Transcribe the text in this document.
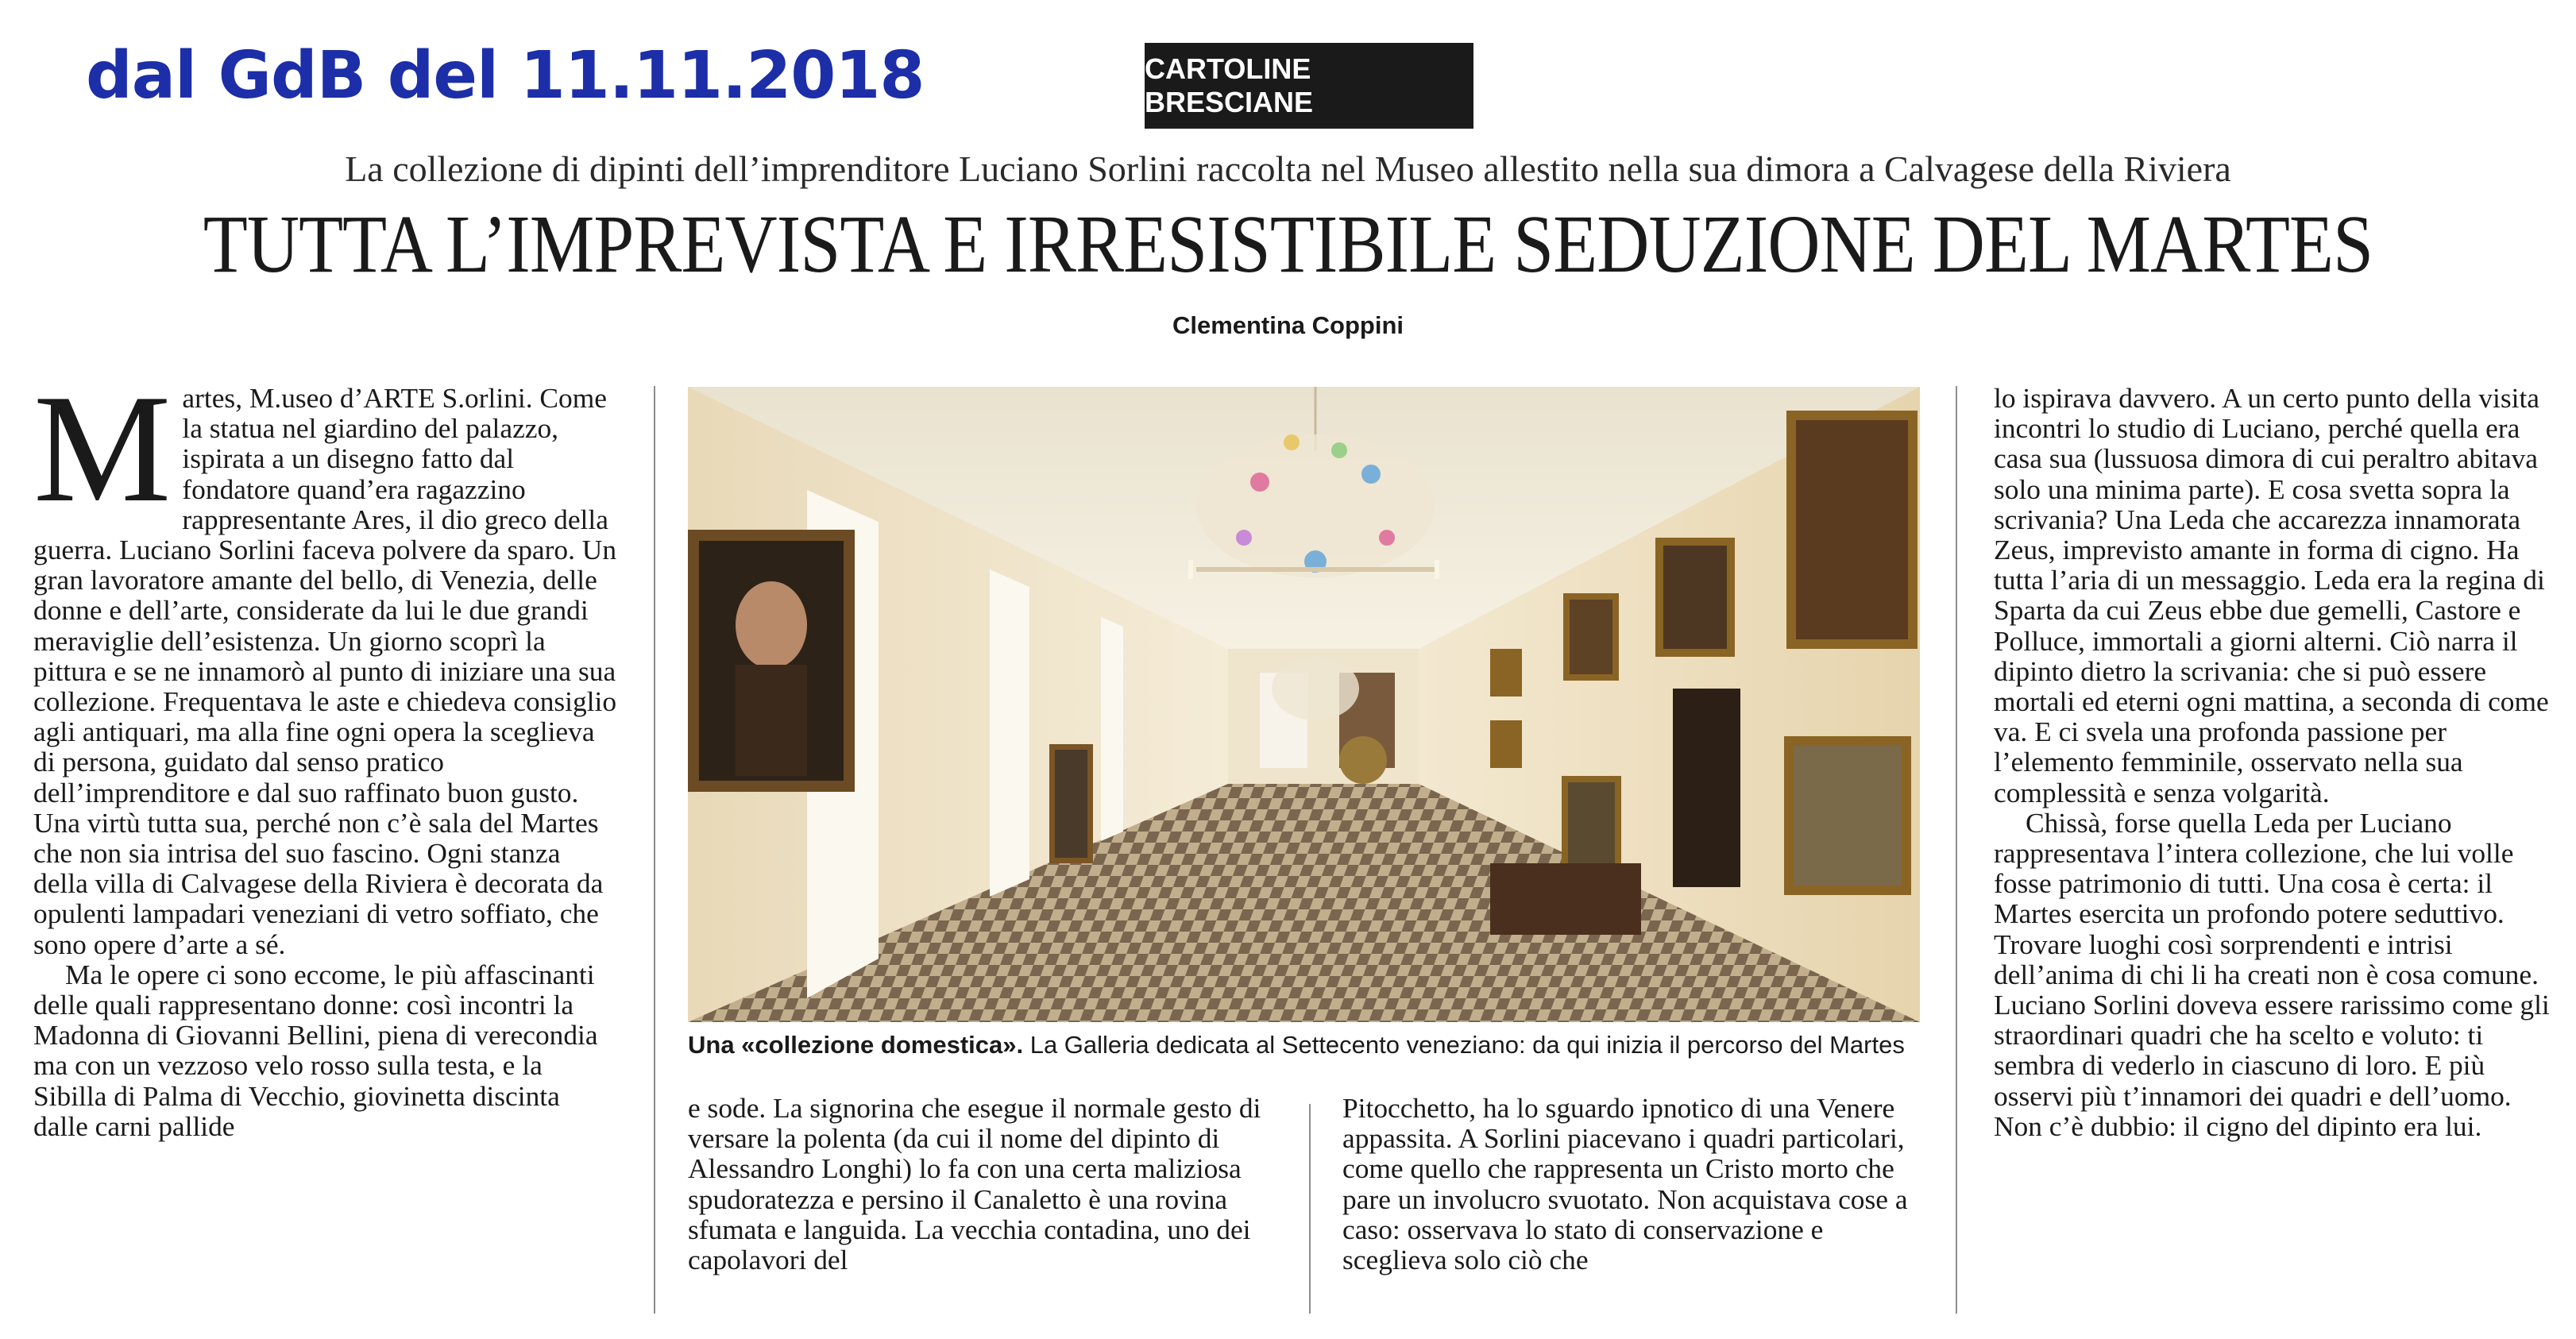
dal GdB del 11.11.2018	CARTOLINE BRESCIANE
La collezione di dipinti dell’imprenditore Luciano Sorlini raccolta nel Museo allestito nella sua dimora a Calvagese della Riviera
TUTTA L’IMPREVISTA E IRRESISTIBILE SEDUZIONE DEL MARTES
Clementina Coppini

M artes, M.useo d’ARTE S.orlini. Come la statua nel giardino del palazzo, ispirata a un disegno fatto dal fondatore quand’era ragazzino rappresentante Ares, il dio greco della guerra. Luciano Sorlini faceva polvere da sparo. Un gran lavoratore amante del bello, di Venezia, delle donne e dell’arte, considerate da lui le due grandi meraviglie dell’esistenza. Un giorno scoprì la pittura e se ne innamorò al punto di iniziare una sua collezione. Frequentava le aste e chiedeva consiglio agli antiquari, ma alla fine ogni opera la sceglieva di persona, guidato dal senso pratico dell’imprenditore e dal suo raffinato buon gusto. Una virtù tutta sua, perché non c’è sala del Martes che non sia intrisa del suo fascino. Ogni stanza della villa di Calvagese della Riviera è decorata da opulenti lampadari veneziani di vetro soffiato, che sono opere d’arte a sé.

Ma le opere ci sono eccome, le più affascinanti delle quali rappresentano donne: così incontri la Madonna di Giovanni Bellini, piena di verecondia ma con un vezzoso velo rosso sulla testa, e la Sibilla di Palma di Vecchio, giovinetta discinta dalle carni pallide

Una «collezione domestica». La Galleria dedicata al Settecento veneziano: da qui inizia il percorso del Martes

e sode. La signorina che esegue il normale gesto di versare la polenta (da cui il nome del dipinto di Alessandro Longhi) lo fa con una certa maliziosa spudoratezza e persino il Canaletto è una rovina sfumata e languida. La vecchia contadina, uno dei capolavori del

Pitocchetto, ha lo sguardo ipnotico di una Venere appassita. A Sorlini piacevano i quadri particolari, come quello che rappresenta un Cristo morto che pare un involucro svuotato. Non acquistava cose a caso: osservava lo stato di conservazione e sceglieva solo ciò che

lo ispirava davvero. A un certo punto della visita incontri lo studio di Luciano, perché quella era casa sua (lussuosa dimora di cui peraltro abitava solo una minima parte). E cosa svetta sopra la scrivania? Una Leda che accarezza innamorata Zeus, imprevisto amante in forma di cigno. Ha tutta l’aria di un messaggio. Leda era la regina di Sparta da cui Zeus ebbe due gemelli, Castore e Polluce, immortali a giorni alterni. Ciò narra il dipinto dietro la scrivania: che si può essere mortali ed eterni ogni mattina, a seconda di come va. E ci svela una profonda passione per l’elemento femminile, osservato nella sua complessità e senza volgarità.

Chissà, forse quella Leda per Luciano rappresentava l’intera collezione, che lui volle fosse patrimonio di tutti. Una cosa è certa: il Martes esercita un profondo potere seduttivo. Trovare luoghi così sorprendenti e intrisi dell’anima di chi li ha creati non è cosa comune. Luciano Sorlini doveva essere rarissimo come gli straordinari quadri che ha scelto e voluto: ti sembra di vederlo in ciascuno di loro. E più osservi più t’innamori dei quadri e dell’uomo. Non c’è dubbio: il cigno del dipinto era lui.
